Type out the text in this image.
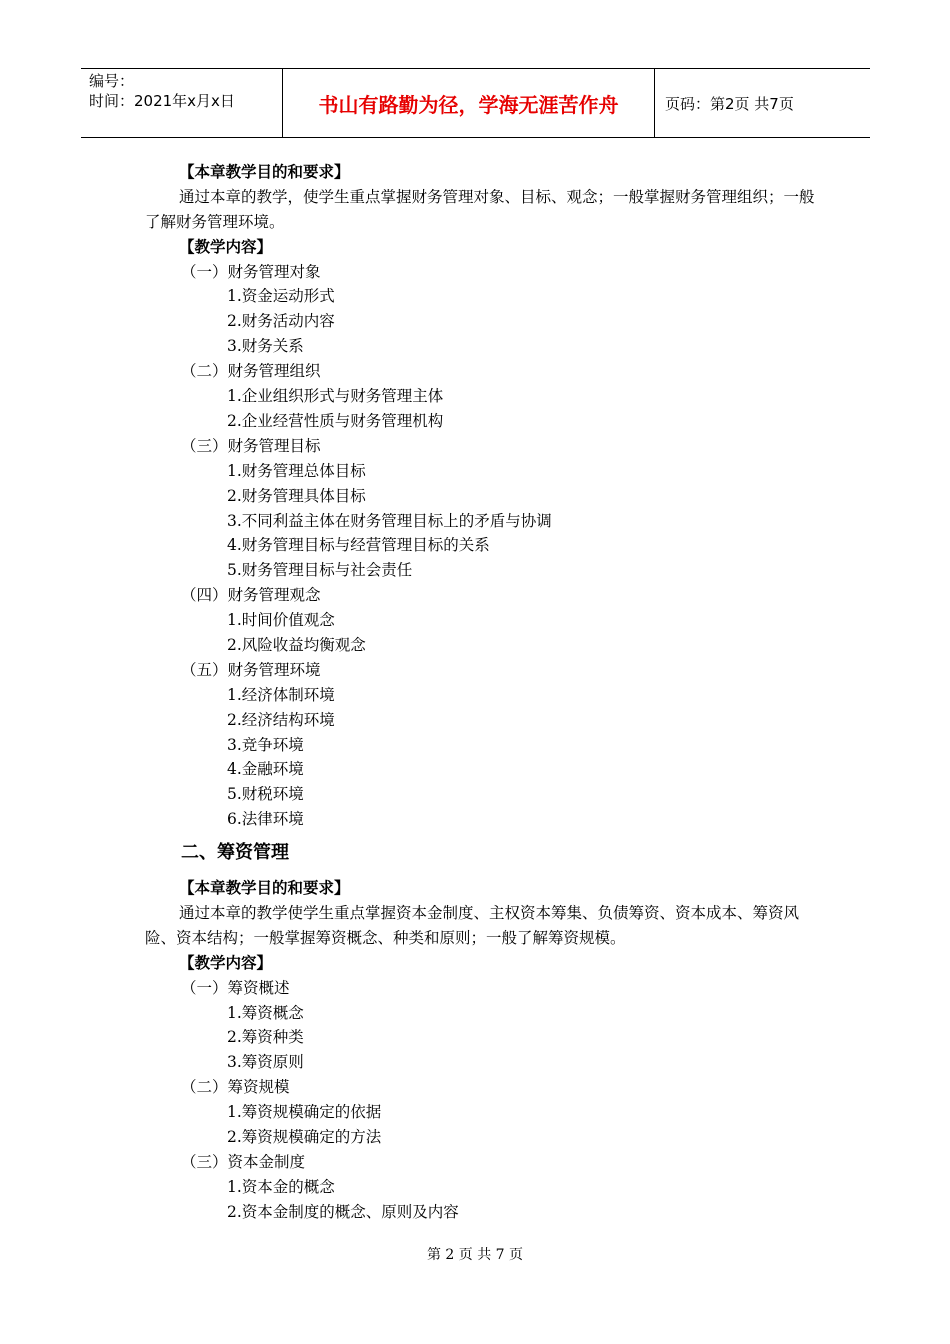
编号：
时间：2021年x月x日	书山有路勤为径，学海无涯苦作舟	页码：第2页 共7页
【本章教学目的和要求】
通过本章的教学，使学生重点掌握财务管理对象、目标、观念；一般掌握财务管理组织；一般了解财务管理环境。
【教学内容】
（一）财务管理对象
1.资金运动形式
2.财务活动内容
3.财务关系
（二）财务管理组织
1.企业组织形式与财务管理主体
2.企业经营性质与财务管理机构
（三）财务管理目标
1.财务管理总体目标
2.财务管理具体目标
3.不同利益主体在财务管理目标上的矛盾与协调
4.财务管理目标与经营管理目标的关系
5.财务管理目标与社会责任
（四）财务管理观念
1.时间价值观念
2.风险收益均衡观念
（五）财务管理环境
1.经济体制环境
2.经济结构环境
3.竞争环境
4.金融环境
5.财税环境
6.法律环境
二、筹资管理
【本章教学目的和要求】
通过本章的教学使学生重点掌握资本金制度、主权资本筹集、负债筹资、资本成本、筹资风险、资本结构；一般掌握筹资概念、种类和原则；一般了解筹资规模。
【教学内容】
（一）筹资概述
1.筹资概念
2.筹资种类
3.筹资原则
（二）筹资规模
1.筹资规模确定的依据
2.筹资规模确定的方法
（三）资本金制度
1.资本金的概念
2.资本金制度的概念、原则及内容
第 2 页 共 7 页
